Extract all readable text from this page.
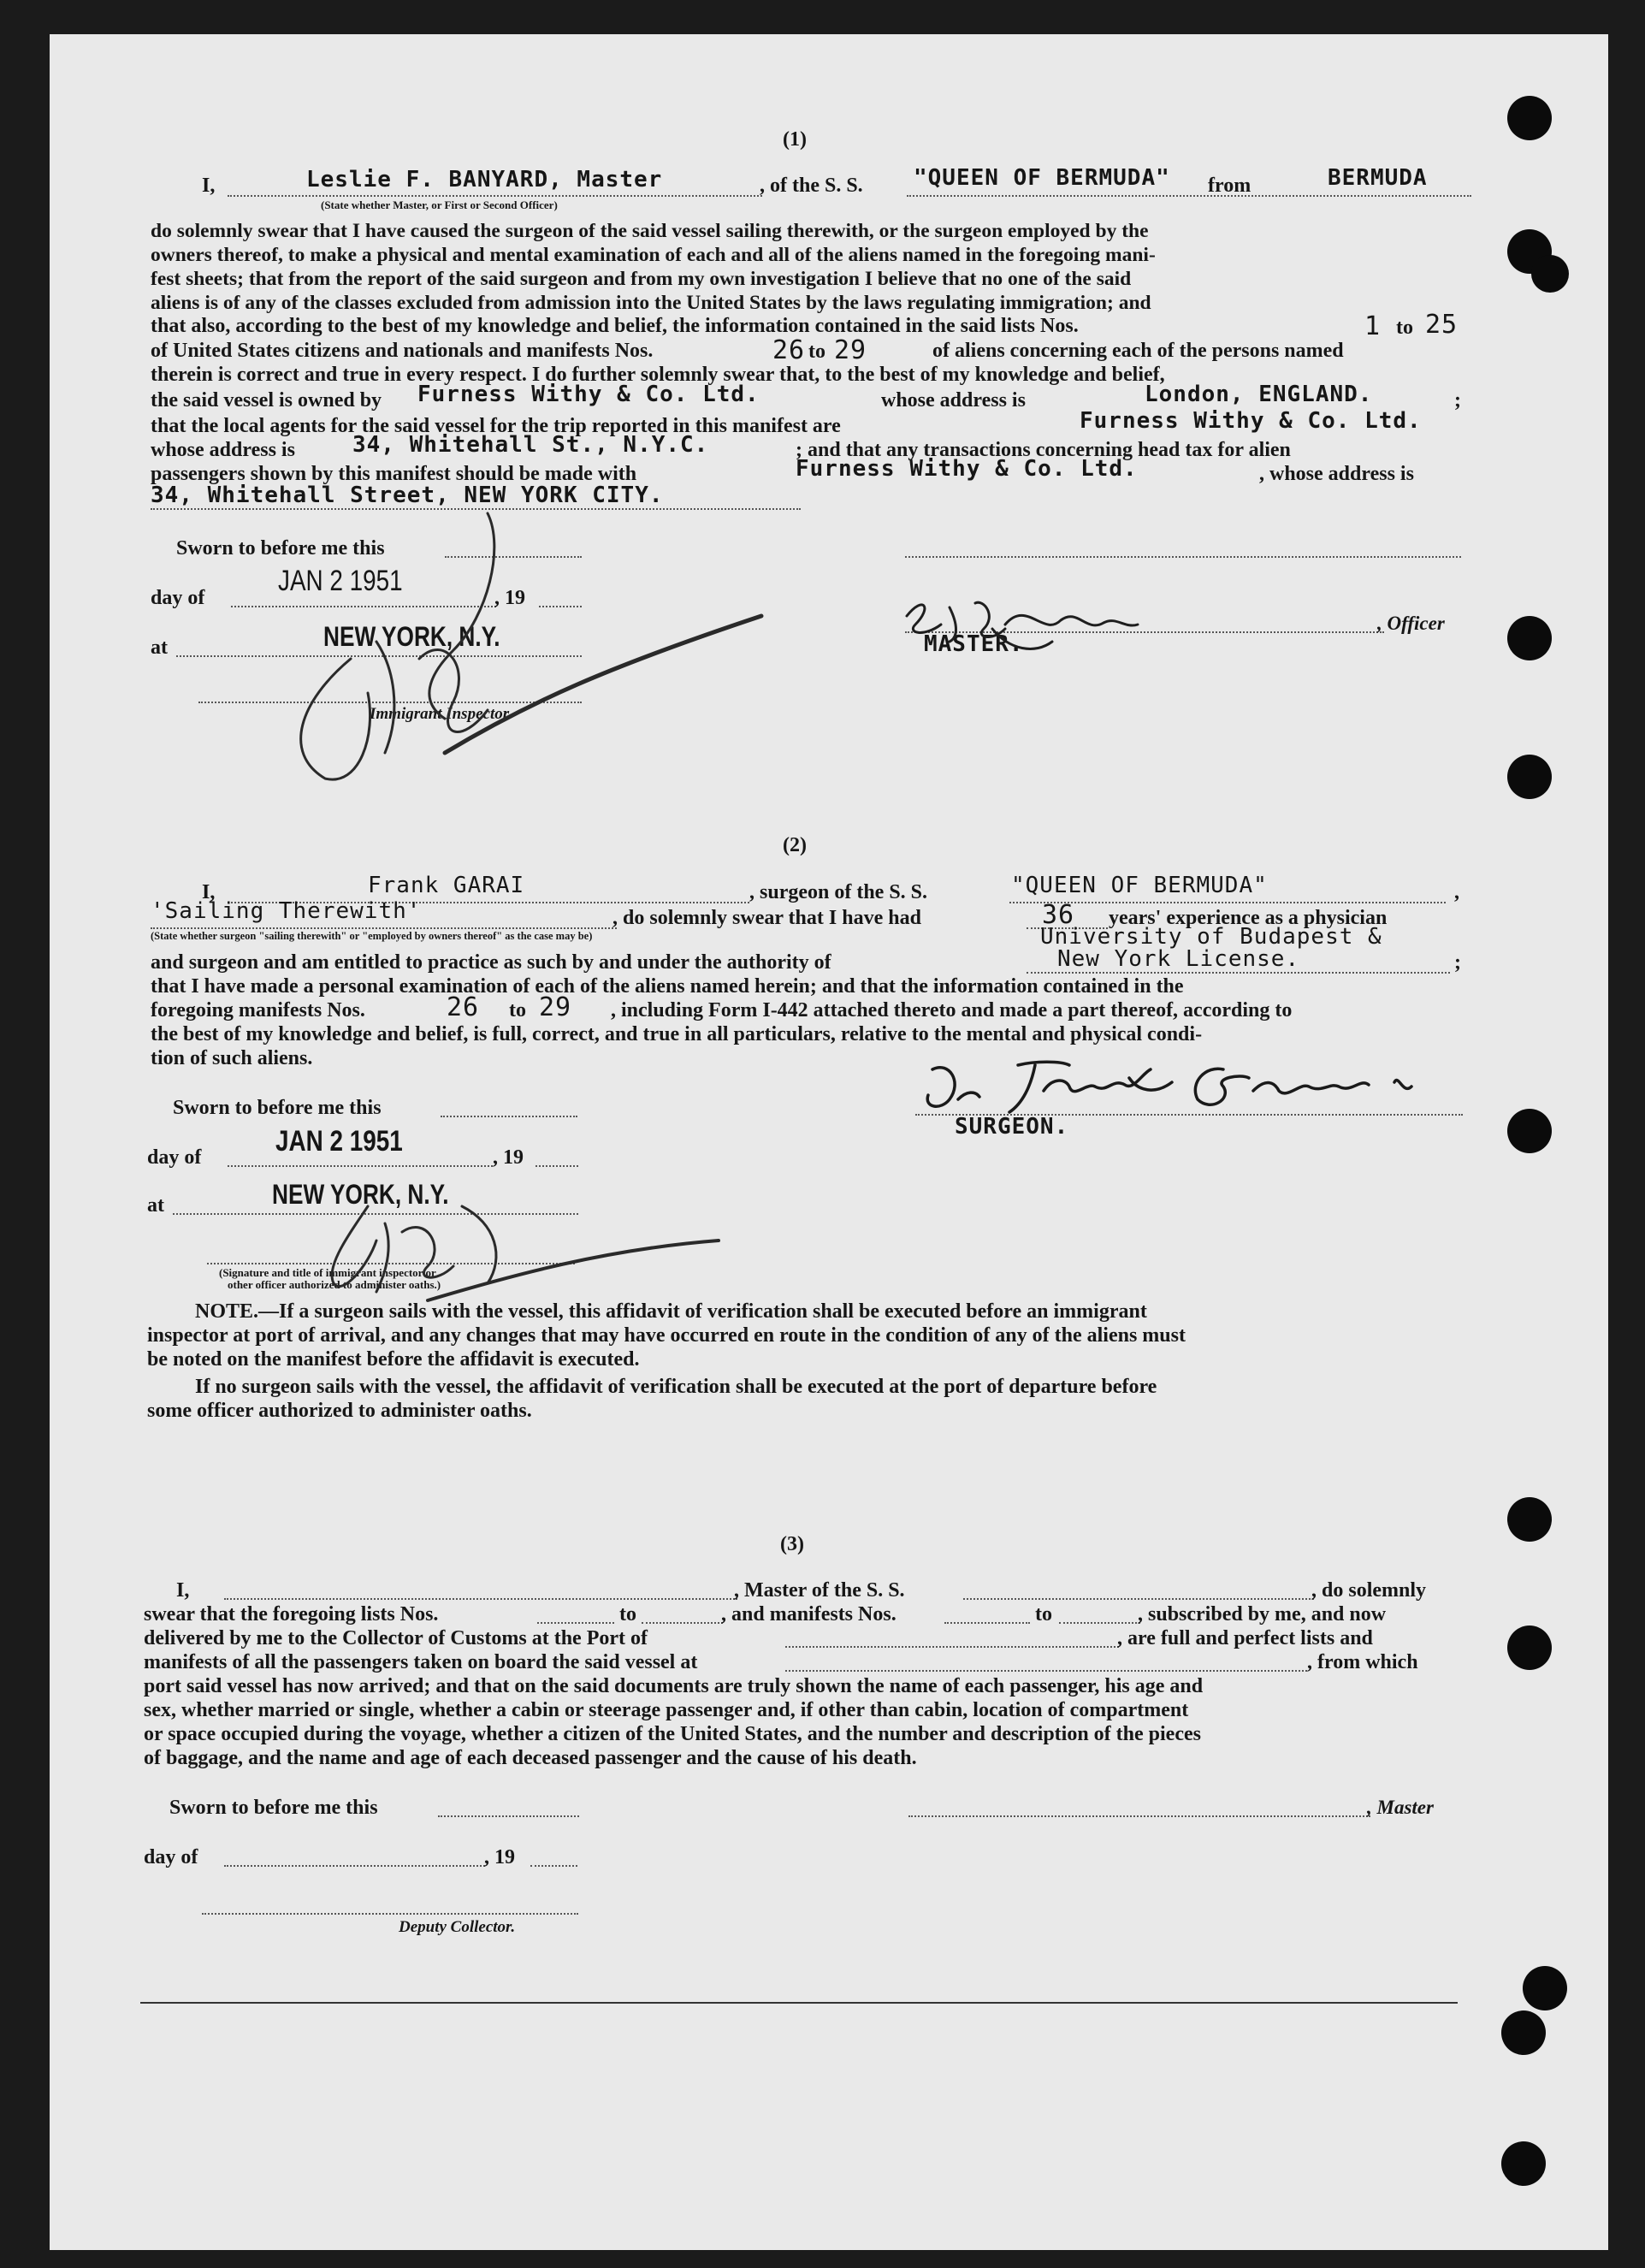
(1)
I,	Leslie F. BANYARD, Master
(State whether Master, or First or Second Officer)
, of the S. S. "QUEEN OF BERMUDA" from	BERMUDA
do solemnly swear that I have caused the surgeon of the said vessel sailing therewith, or the surgeon employed by the
owners thereof, to make a physical and mental examination of each and all of the aliens named in the foregoing mani-
fest sheets; that from the report of the said surgeon and from my own investigation I believe that no one of the said
aliens is of any of the classes excluded from admission into the United States by the laws regulating immigration; and
that also, according to the best of my knowledge and belief, the information contained in the said lists Nos.	1 to 25
of United States citizens and nationals and manifests Nos.	26 to 29	of aliens concerning each of the persons named
therein is correct and true in every respect. I do further solemnly swear that, to the best of my knowledge and belief,
the said vessel is owned by Furness Withy & Co. Ltd.	whose address is	London, ENGLAND.	;
that the local agents for the said vessel for the trip reported in this manifest are	Furness Withy & Co. Ltd.
whose address is	34, Whitehall St., N.Y.C.	; and that any transactions concerning head tax for alien
passengers shown by this manifest should be made with	Furness Withy & Co. Ltd.	, whose address is
34, Whitehall Street, NEW YORK CITY.
Sworn to before me this
day of
JAN 2 1951
, 19
at	NEW YORK, N.Y.
Immigrant Inspector.
, Officer
MASTER.
(2)
I,	Frank GARAI	, surgeon of the S. S.	"QUEEN OF BERMUDA"	,
'Sailing Therewith'	, do solemnly swear that I have had	36 years' experience as a physician
(State whether surgeon "sailing therewith" or "employed by owners thereof" as the case may be)	University of Budapest &
and surgeon and am entitled to practice as such by and under the authority of	New York License.	;
that I have made a personal examination of each of the aliens named herein; and that the information contained in the
foregoing manifests Nos.	26 to 29 , including Form I-442 attached thereto and made a part thereof, according to
the best of my knowledge and belief, is full, correct, and true in all particulars, relative to the mental and physical condi-
tion of such aliens.
Sworn to before me this
day of	JAN 2 1951	, 19
at	NEW YORK, N.Y.
(Signature and title of immigrant inspector or
other officer authorized to administer oaths.)
SURGEON.
NOTE.—If a surgeon sails with the vessel, this affidavit of verification shall be executed before an immigrant
inspector at port of arrival, and any changes that may have occurred en route in the condition of any of the aliens must
be noted on the manifest before the affidavit is executed.
If no surgeon sails with the vessel, the affidavit of verification shall be executed at the port of departure before
some officer authorized to administer oaths.
(3)
I,	, Master of the S. S.	, do solemnly
swear that the foregoing lists Nos.	to	, and manifests Nos.	to	, subscribed by me, and now
delivered by me to the Collector of Customs at the Port of	, are full and perfect lists and
manifests of all the passengers taken on board the said vessel at	, from which
port said vessel has now arrived; and that on the said documents are truly shown the name of each passenger, his age and
sex, whether married or single, whether a cabin or steerage passenger and, if other than cabin, location of compartment
or space occupied during the voyage, whether a citizen of the United States, and the number and description of the pieces
of baggage, and the name and age of each deceased passenger and the cause of his death.
Sworn to before me this	, Master
day of	, 19
Deputy Collector.
